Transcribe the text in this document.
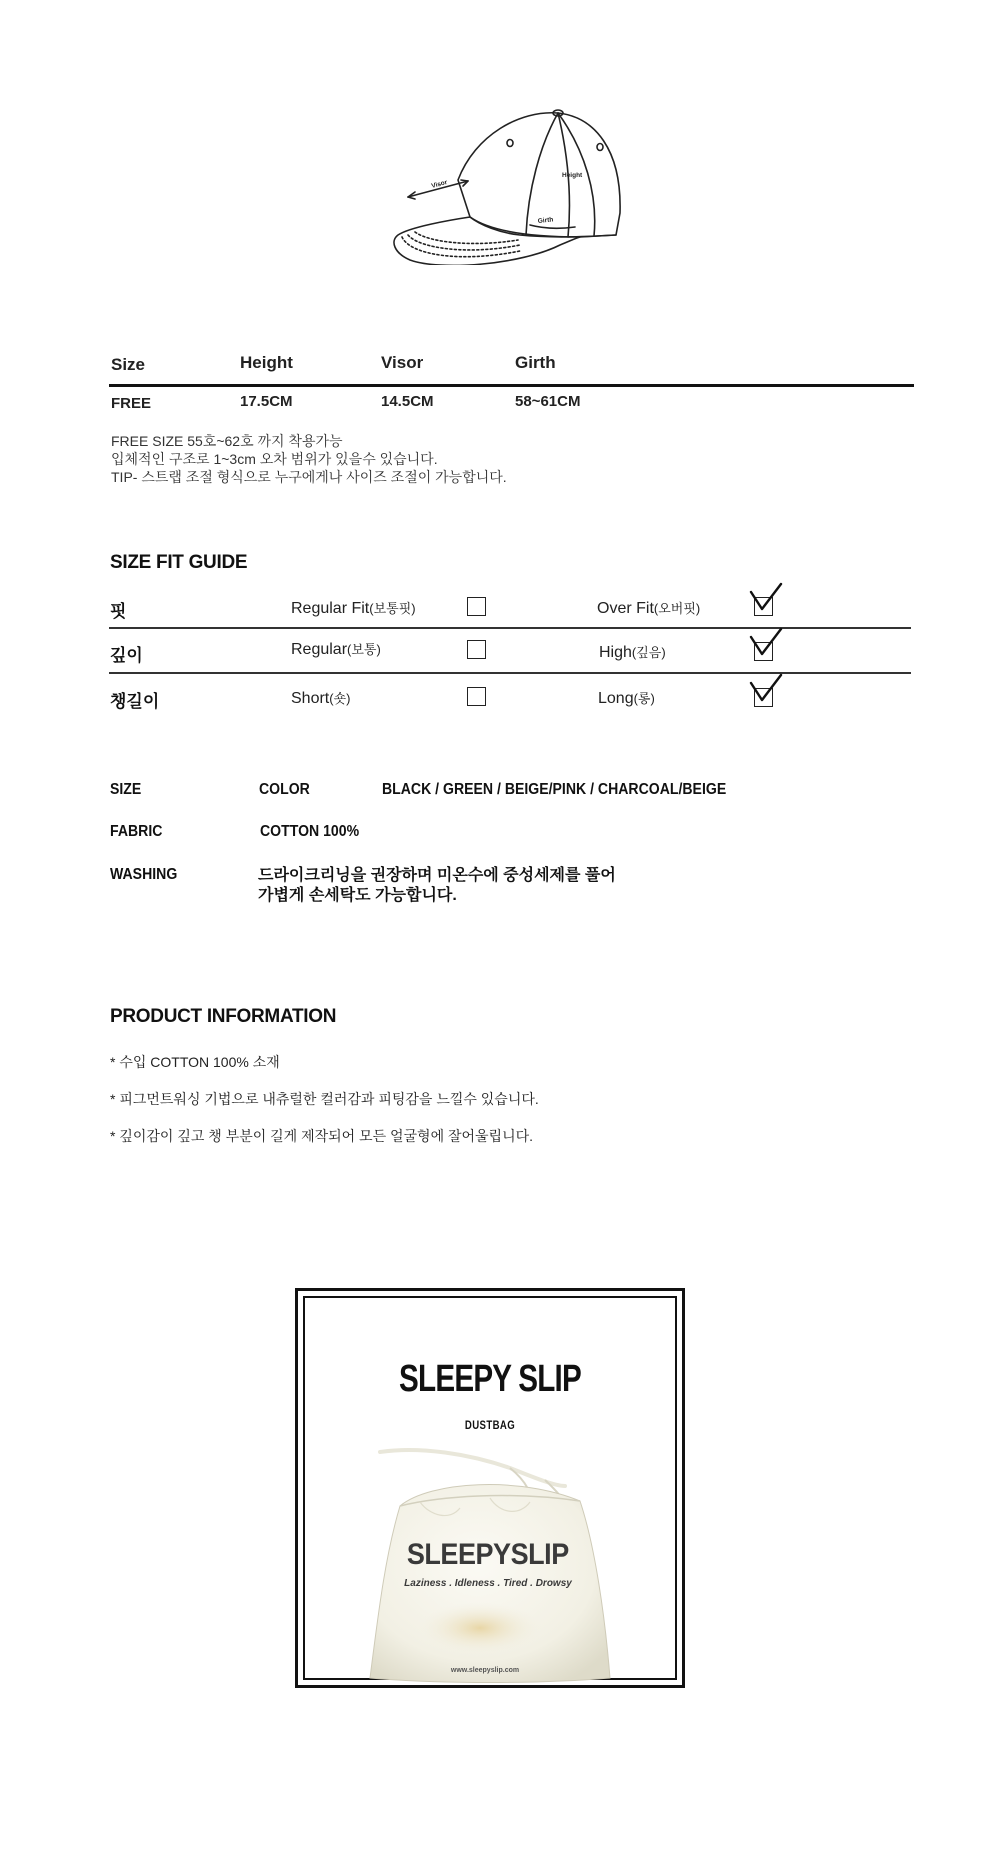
Visor
Height
Girth
Size	Height	Visor	Girth
FREE	17.5CM	14.5CM	58~61CM
FREE SIZE 55호~62호 까지 착용가능
입체적인 구조로 1~3cm 오차 범위가 있을수 있습니다.
TIP- 스트랩 조절 형식으로 누구에게나 사이즈 조절이 가능합니다.
SIZE FIT GUIDE
핏	Regular Fit(보통핏)	Over Fit(오버핏)
깊이	Regular(보통)	High(깊음)
챙길이	Short(숏)	Long(롱)
SIZE	COLOR	BLACK / GREEN / BEIGE/PINK / CHARCOAL/BEIGE
FABRIC	COTTON 100%
WASHING	드라이크리닝을 권장하며 미온수에 중성세제를 풀어
가볍게 손세탁도 가능합니다.
PRODUCT INFORMATION
* 수입 COTTON 100% 소재
* 피그먼트워싱 기법으로 내츄럴한 컬러감과 피팅감을 느낄수 있습니다.
* 깊이감이 깊고 챙 부분이 길게 제작되어 모든 얼굴형에 잘어울립니다.
SLEEPY SLIP
DUSTBAG
SLEEPYSLIP
Laziness . Idleness . Tired . Drowsy
www.sleepyslip.com
